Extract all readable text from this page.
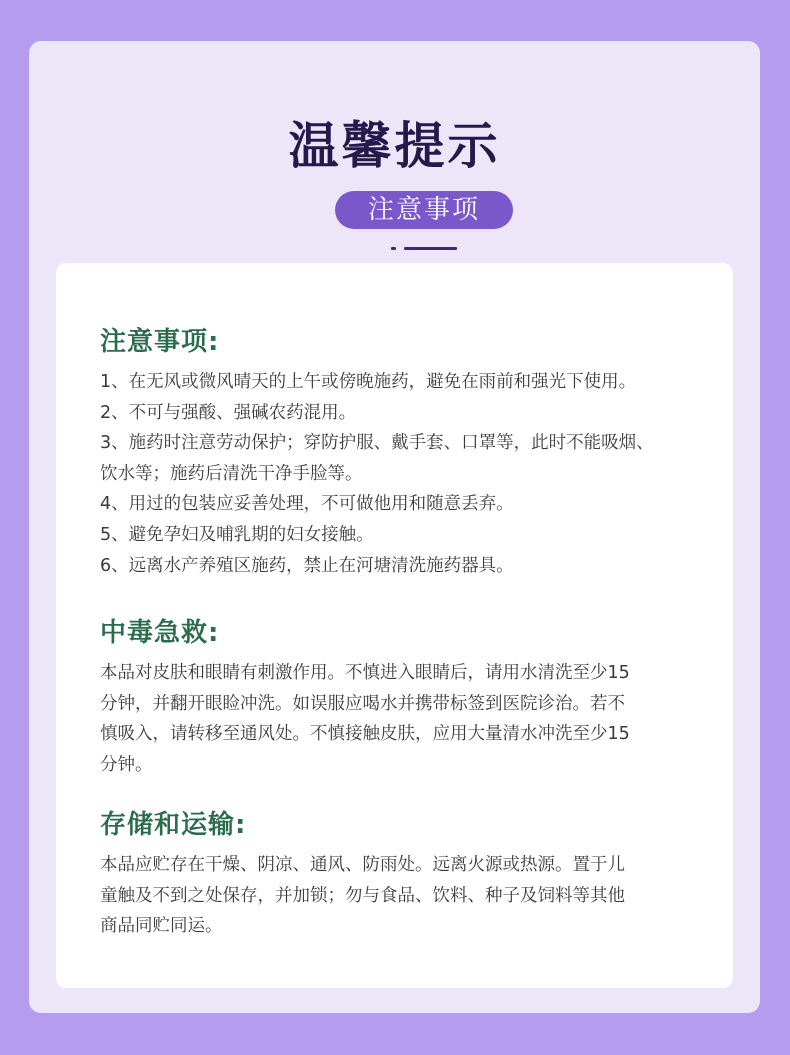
温馨提示
注意事项
注意事项:
1、在无风或微风晴天的上午或傍晚施药，避免在雨前和强光下使用。
2、不可与强酸、强碱农药混用。
3、施药时注意劳动保护；穿防护服、戴手套、口罩等，此时不能吸烟、
饮水等；施药后清洗干净手脸等。
4、用过的包装应妥善处理，不可做他用和随意丢弃。
5、避免孕妇及哺乳期的妇女接触。
6、远离水产养殖区施药，禁止在河塘清洗施药器具。
中毒急救:
本品对皮肤和眼睛有刺激作用。不慎进入眼睛后，请用水清洗至少15
分钟，并翻开眼睑冲洗。如误服应喝水并携带标签到医院诊治。若不
慎吸入，请转移至通风处。不慎接触皮肤，应用大量清水冲洗至少15
分钟。
存储和运输:
本品应贮存在干燥、阴凉、通风、防雨处。远离火源或热源。置于儿
童触及不到之处保存，并加锁；勿与食品、饮料、种子及饲料等其他
商品同贮同运。
